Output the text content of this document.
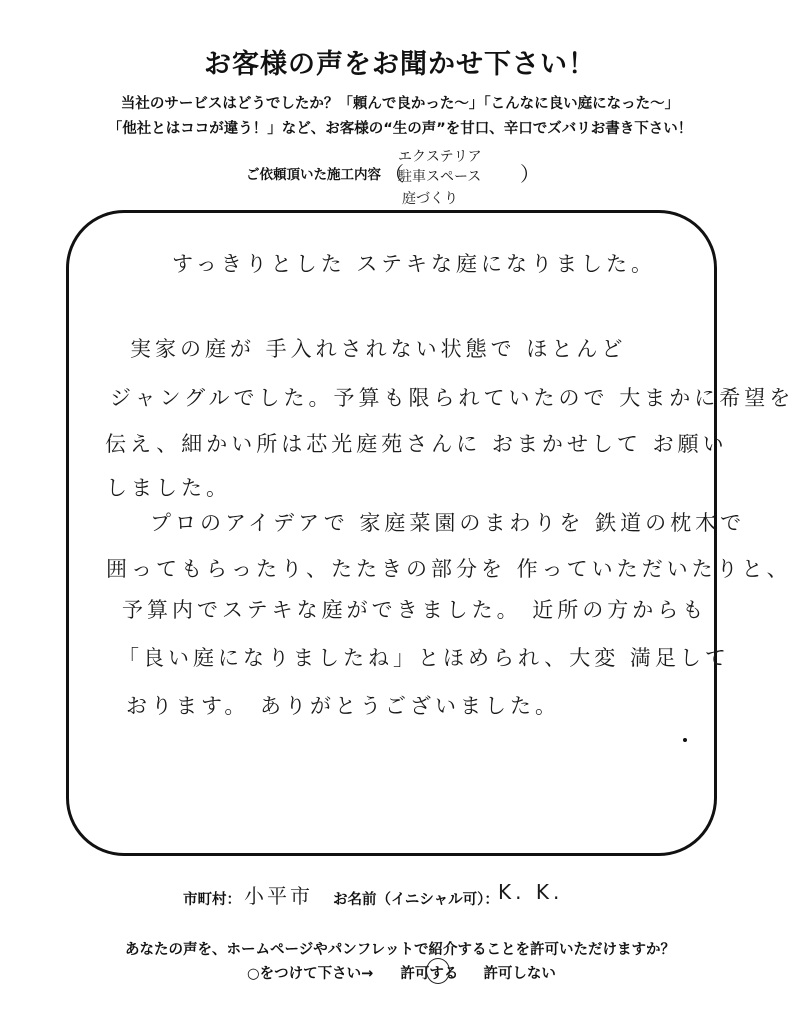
お客様の声をお聞かせ下さい！
当社のサービスはどうでしたか？「頼んで良かった～」「こんなに良い庭になった～」
「他社とはココが違う！」など、お客様の“生の声”を甘口、辛口でズバリお書き下さい！
ご依頼頂いた施工内容 （
エクステリア
駐車スペース
庭づくり
）
すっきりとした ステキな庭になりました。
実家の庭が 手入れされない状態で ほとんど
ジャングルでした。予算も限られていたので 大まかに希望を
伝え、細かい所は芯光庭苑さんに おまかせして お願い
しました。
プロのアイデアで 家庭菜園のまわりを 鉄道の枕木で
囲ってもらったり、たたきの部分を 作っていただいたりと、
予算内でステキな庭ができました。 近所の方からも
「良い庭になりましたね」とほめられ、大変 満足して
おります。 ありがとうございました。
市町村： 小平市 お名前（イニシャル可）： K. K.
あなたの声を、ホームページやパンフレットで紹介することを許可いただけますか？
○をつけて下さい→ 許可する 許可しない
